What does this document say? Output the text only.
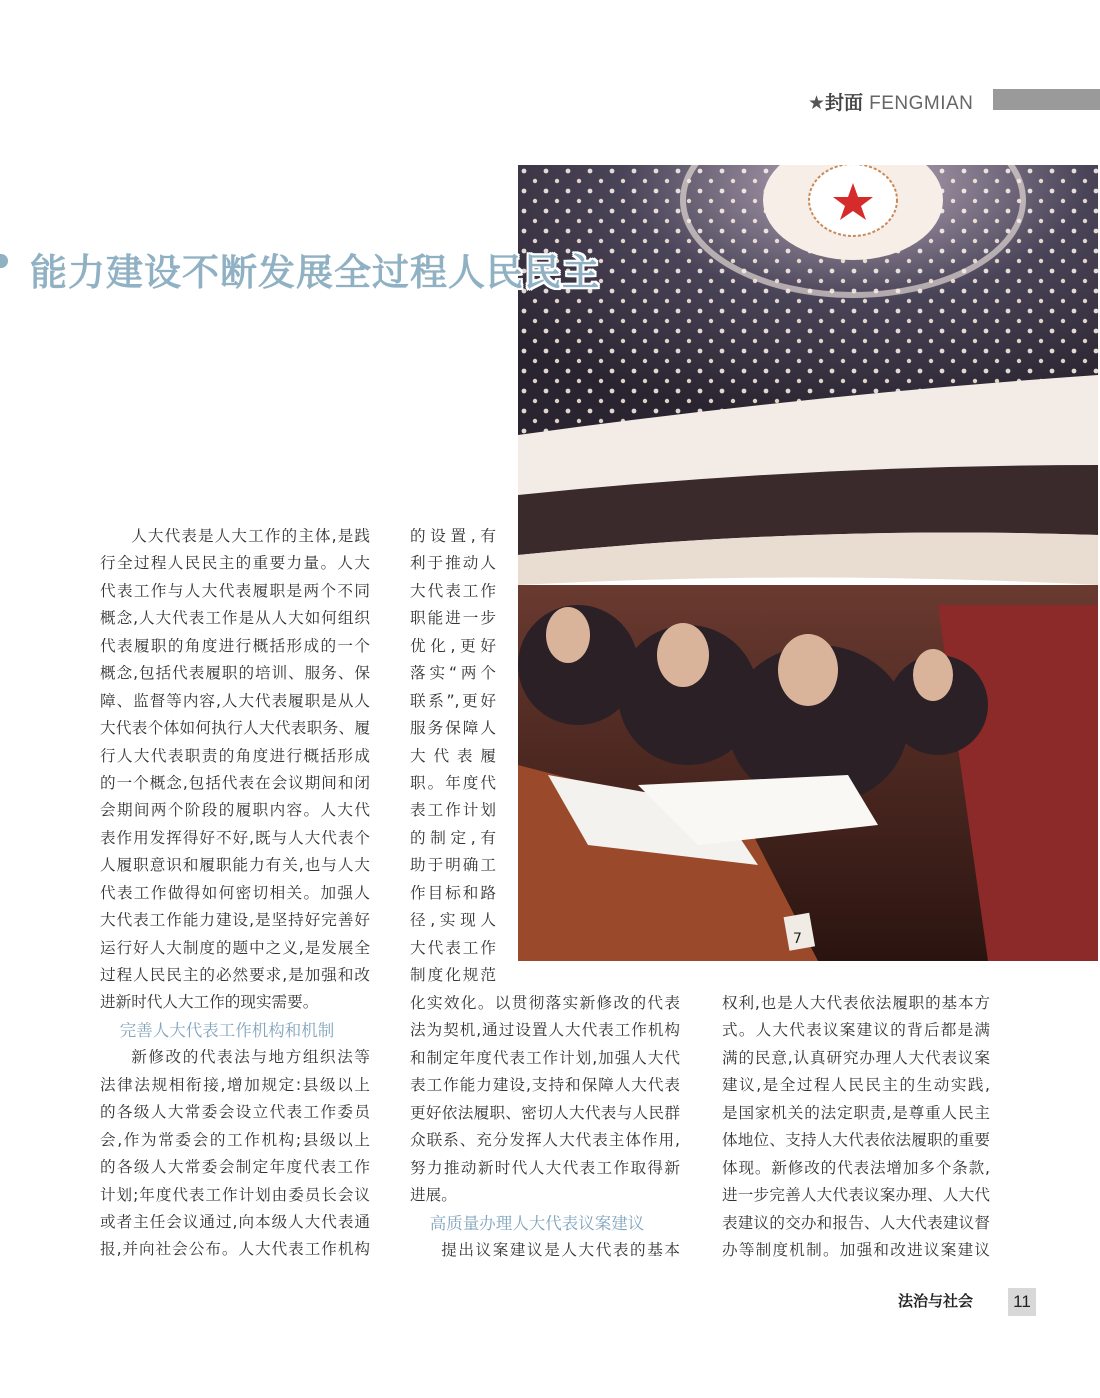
★封面 FENGMIAN
7
能力建设不断发展全过程人民民主
人大代表是人大工作的主体,是践
行全过程人民民主的重要力量。人大
代表工作与人大代表履职是两个不同
概念,人大代表工作是从人大如何组织
代表履职的角度进行概括形成的一个
概念,包括代表履职的培训、服务、保
障、监督等内容,人大代表履职是从人
大代表个体如何执行人大代表职务、履
行人大代表职责的角度进行概括形成
的一个概念,包括代表在会议期间和闭
会期间两个阶段的履职内容。人大代
表作用发挥得好不好,既与人大代表个
人履职意识和履职能力有关,也与人大
代表工作做得如何密切相关。加强人
大代表工作能力建设,是坚持好完善好
运行好人大制度的题中之义,是发展全
过程人民民主的必然要求,是加强和改
进新时代人大工作的现实需要。
完善人大代表工作机构和机制
新修改的代表法与地方组织法等
法律法规相衔接,增加规定:县级以上
的各级人大常委会设立代表工作委员
会,作为常委会的工作机构;县级以上
的各级人大常委会制定年度代表工作
计划;年度代表工作计划由委员长会议
或者主任会议通过,向本级人大代表通
报,并向社会公布。人大代表工作机构
的设置,有
利于推动人
大代表工作
职能进一步
优化,更好
落实“两个
联系”,更好
服务保障人
大代表履
职。年度代
表工作计划
的制定,有
助于明确工
作目标和路
径,实现人
大代表工作
制度化规范
化实效化。以贯彻落实新修改的代表
法为契机,通过设置人大代表工作机构
和制定年度代表工作计划,加强人大代
表工作能力建设,支持和保障人大代表
更好依法履职、密切人大代表与人民群
众联系、充分发挥人大代表主体作用,
努力推动新时代人大代表工作取得新
进展。
高质量办理人大代表议案建议
提出议案建议是人大代表的基本
权利,也是人大代表依法履职的基本方
式。人大代表议案建议的背后都是满
满的民意,认真研究办理人大代表议案
建议,是全过程人民民主的生动实践,
是国家机关的法定职责,是尊重人民主
体地位、支持人大代表依法履职的重要
体现。新修改的代表法增加多个条款,
进一步完善人大代表议案办理、人大代
表建议的交办和报告、人大代表建议督
办等制度机制。加强和改进议案建议
法治与社会	11
